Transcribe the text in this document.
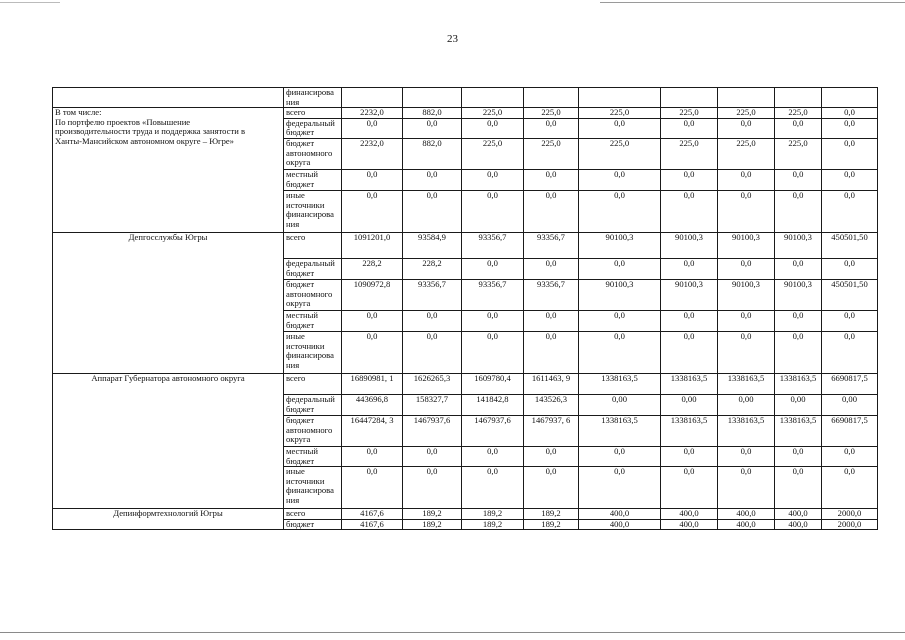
23
	финансирова ния									

В том числе:
По портфелю проектов «Повышение
производительности труда и поддержка занятости в
Ханты-Мансийском автономном округе – Югре»	всего	2232,0	882,0	225,0	225,0	225,0	225,0	225,0	225,0	0,0
	федеральный бюджет	0,0	0,0	0,0	0,0	0,0	0,0	0,0	0,0	0,0
	бюджет автономного округа	2232,0	882,0	225,0	225,0	225,0	225,0	225,0	225,0	0,0
	местный бюджет	0,0	0,0	0,0	0,0	0,0	0,0	0,0	0,0	0,0
	иные источники финансирова ния	0,0	0,0	0,0	0,0	0,0	0,0	0,0	0,0	0,0

Депгосслужбы Югры	всего	1091201,0	93584,9	93356,7	93356,7	90100,3	90100,3	90100,3	90100,3	450501,50
	федеральный бюджет	228,2	228,2	0,0	0,0	0,0	0,0	0,0	0,0	0,0
	бюджет автономного округа	1090972,8	93356,7	93356,7	93356,7	90100,3	90100,3	90100,3	90100,3	450501,50
	местный бюджет	0,0	0,0	0,0	0,0	0,0	0,0	0,0	0,0	0,0
	иные источники финансирова ния	0,0	0,0	0,0	0,0	0,0	0,0	0,0	0,0	0,0

Аппарат Губернатора автономного округа	всего	16890981, 1	1626265,3	1609780,4	1611463, 9	1338163,5	1338163,5	1338163,5	1338163,5	6690817,5
	федеральный бюджет	443696,8	158327,7	141842,8	143526,3	0,00	0,00	0,00	0,00	0,00
	бюджет автономного округа	16447284, 3	1467937,6	1467937,6	1467937, 6	1338163,5	1338163,5	1338163,5	1338163,5	6690817,5
	местный бюджет	0,0	0,0	0,0	0,0	0,0	0,0	0,0	0,0	0,0
	иные источники финансирова ния	0,0	0,0	0,0	0,0	0,0	0,0	0,0	0,0	0,0

Депинформтехнологий Югры	всего	4167,6	189,2	189,2	189,2	400,0	400,0	400,0	400,0	2000,0
	бюджет	4167,6	189,2	189,2	189,2	400,0	400,0	400,0	400,0	2000,0
